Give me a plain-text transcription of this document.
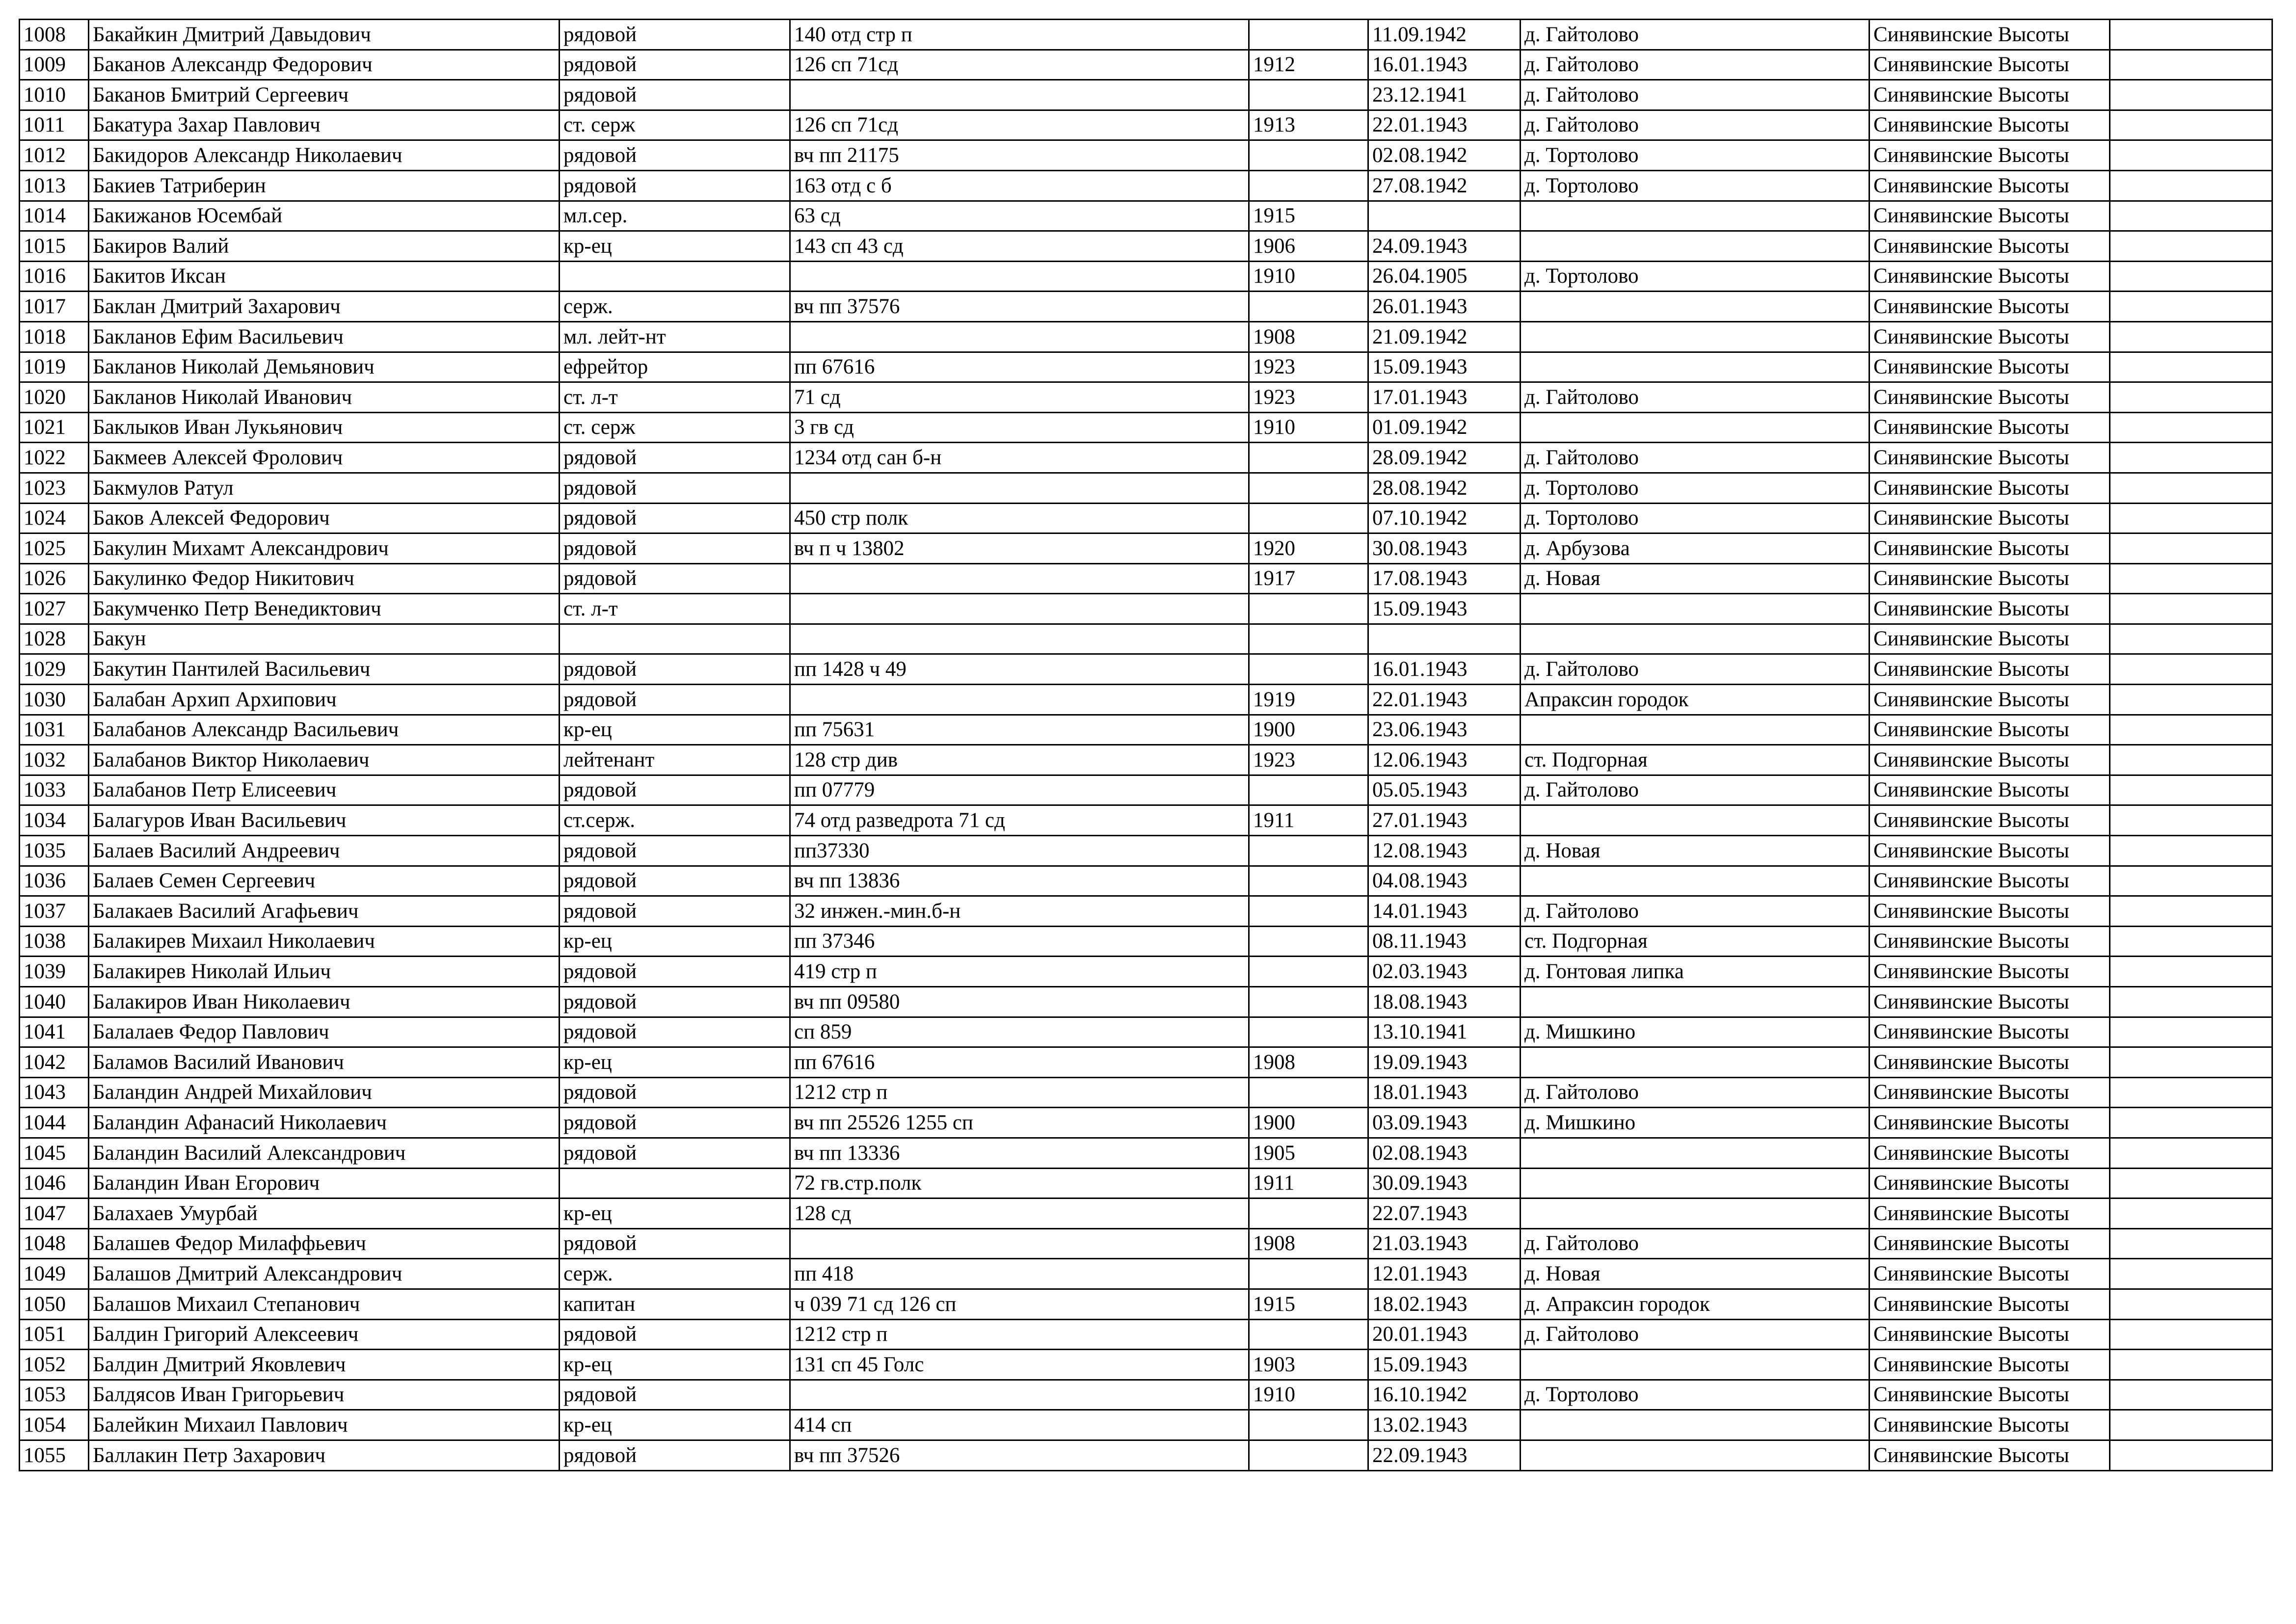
1008	Бакайкин Дмитрий Давыдович	рядовой	140 отд стр п		11.09.1942	д. Гайтолово	Синявинские Высоты	
1009	Баканов Александр Федорович	рядовой	126 сп 71сд	1912	16.01.1943	д. Гайтолово	Синявинские Высоты	
1010	Баканов Бмитрий Сергеевич	рядовой			23.12.1941	д. Гайтолово	Синявинские Высоты	
1011	Бакатура Захар Павлович	ст. серж	126 сп 71сд	1913	22.01.1943	д. Гайтолово	Синявинские Высоты	
1012	Бакидоров Александр Николаевич	рядовой	вч пп 21175		02.08.1942	д. Тортолово	Синявинские Высоты	
1013	Бакиев Татриберин	рядовой	163 отд с б		27.08.1942	д. Тортолово	Синявинские Высоты	
1014	Бакижанов Юсембай	мл.сер.	63 сд	1915			Синявинские Высоты	
1015	Бакиров Валий	кр-ец	143 сп 43 сд	1906	24.09.1943		Синявинские Высоты	
1016	Бакитов Иксан			1910	26.04.1905	д. Тортолово	Синявинские Высоты	
1017	Баклан Дмитрий Захарович	серж.	вч пп 37576		26.01.1943		Синявинские Высоты	
1018	Бакланов Ефим Васильевич	мл. лейт-нт		1908	21.09.1942		Синявинские Высоты	
1019	Бакланов Николай Демьянович	ефрейтор	пп 67616	1923	15.09.1943		Синявинские Высоты	
1020	Бакланов Николай Иванович	ст. л-т	71 сд	1923	17.01.1943	д. Гайтолово	Синявинские Высоты	
1021	Баклыков Иван Лукьянович	ст. серж	3 гв сд	1910	01.09.1942		Синявинские Высоты	
1022	Бакмеев Алексей Фролович	рядовой	1234 отд сан б-н		28.09.1942	д. Гайтолово	Синявинские Высоты	
1023	Бакмулов Ратул	рядовой			28.08.1942	д. Тортолово	Синявинские Высоты	
1024	Баков Алексей Федорович	рядовой	450 стр полк		07.10.1942	д. Тортолово	Синявинские Высоты	
1025	Бакулин Михамт Александрович	рядовой	вч п ч 13802	1920	30.08.1943	д. Арбузова	Синявинские Высоты	
1026	Бакулинко Федор Никитович	рядовой		1917	17.08.1943	д. Новая	Синявинские Высоты	
1027	Бакумченко Петр Венедиктович	ст. л-т			15.09.1943		Синявинские Высоты	
1028	Бакун						Синявинские Высоты	
1029	Бакутин Пантилей Васильевич	рядовой	пп 1428 ч 49		16.01.1943	д. Гайтолово	Синявинские Высоты	
1030	Балабан Архип Архипович	рядовой		1919	22.01.1943	Апраксин городок	Синявинские Высоты	
1031	Балабанов Александр Васильевич	кр-ец	пп 75631	1900	23.06.1943		Синявинские Высоты	
1032	Балабанов Виктор Николаевич	лейтенант	128 стр див	1923	12.06.1943	ст. Подгорная	Синявинские Высоты	
1033	Балабанов Петр Елисеевич	рядовой	пп 07779		05.05.1943	д. Гайтолово	Синявинские Высоты	
1034	Балагуров Иван Васильевич	ст.серж.	74 отд разведрота 71 сд	1911	27.01.1943		Синявинские Высоты	
1035	Балаев Василий Андреевич	рядовой	пп37330		12.08.1943	д. Новая	Синявинские Высоты	
1036	Балаев Семен Сергеевич	рядовой	вч пп 13836		04.08.1943		Синявинские Высоты	
1037	Балакаев Василий Агафьевич	рядовой	32 инжен.-мин.б-н		14.01.1943	д. Гайтолово	Синявинские Высоты	
1038	Балакирев Михаил Николаевич	кр-ец	пп 37346		08.11.1943	ст. Подгорная	Синявинские Высоты	
1039	Балакирев Николай Ильич	рядовой	419 стр п		02.03.1943	д. Гонтовая липка	Синявинские Высоты	
1040	Балакиров Иван Николаевич	рядовой	вч пп 09580		18.08.1943		Синявинские Высоты	
1041	Балалаев Федор Павлович	рядовой	сп 859		13.10.1941	д. Мишкино	Синявинские Высоты	
1042	Баламов Василий Иванович	кр-ец	пп 67616	1908	19.09.1943		Синявинские Высоты	
1043	Баландин Андрей Михайлович	рядовой	1212 стр п		18.01.1943	д. Гайтолово	Синявинские Высоты	
1044	Баландин Афанасий Николаевич	рядовой	вч пп 25526 1255 сп	1900	03.09.1943	д. Мишкино	Синявинские Высоты	
1045	Баландин Василий Александрович	рядовой	вч пп 13336	1905	02.08.1943		Синявинские Высоты	
1046	Баландин Иван Егорович		72 гв.стр.полк	1911	30.09.1943		Синявинские Высоты	
1047	Балахаев Умурбай	кр-ец	128 сд		22.07.1943		Синявинские Высоты	
1048	Балашев Федор Милаффьевич	рядовой		1908	21.03.1943	д. Гайтолово	Синявинские Высоты	
1049	Балашов Дмитрий Александрович	серж.	пп 418		12.01.1943	д. Новая	Синявинские Высоты	
1050	Балашов Михаил Степанович	капитан	ч 039 71 сд 126 сп	1915	18.02.1943	д. Апраксин городок	Синявинские Высоты	
1051	Балдин Григорий Алексеевич	рядовой	1212 стр п		20.01.1943	д. Гайтолово	Синявинские Высоты	
1052	Балдин Дмитрий Яковлевич	кр-ец	131 сп 45 Голс	1903	15.09.1943		Синявинские Высоты	
1053	Балдясов Иван Григорьевич	рядовой		1910	16.10.1942	д. Тортолово	Синявинские Высоты	
1054	Балейкин Михаил Павлович	кр-ец	414 сп		13.02.1943		Синявинские Высоты	
1055	Баллакин Петр Захарович	рядовой	вч пп 37526		22.09.1943		Синявинские Высоты	
